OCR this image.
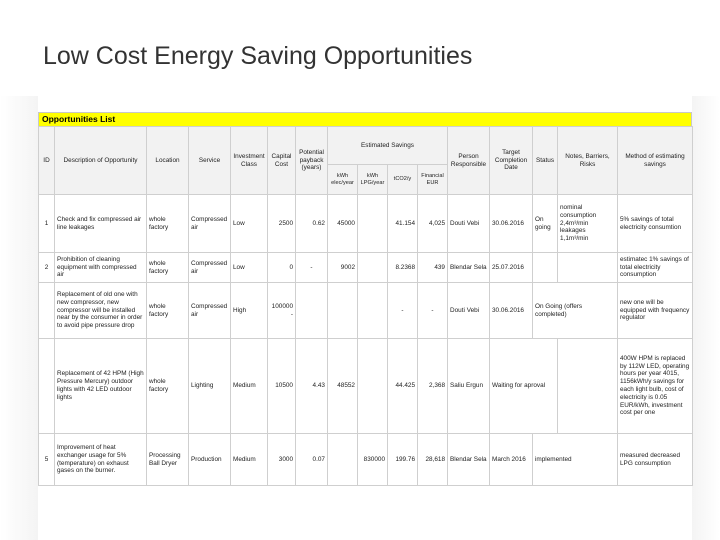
Low Cost Energy Saving Opportunities
Opportunities List
ID	Description of Opportunity	Location	Service	Investment Class	Capital Cost	Potential payback (years)	Estimated Savings				Person Responsible	Target Completion Date	Status	Notes, Barriers, Risks	Method of estimating savings
							kWh elec/year	kWh LPG/year	tCO2/y	Financial EUR					
1	Check and fix compressed air line leakages	whole factory	Compressed air	Low	2500	0.62	45000		41.154	4,025	Douti Vebi	30.06.2016	On going	nominal consumption
2,4m³/min
leakages
1,1m³/min	5% savings of total electricity consumtion
2	Prohibition of cleaning equipment with compressed air	whole factory	Compressed air	Low	0	-	9002		8.2368	439	Blendar Sela	25.07.2016			estimatec 1% savings of total electricity consumption
	Replacement of old one with new compressor, new compressor will be installed near by the consumer in order to avoid pipe pressure drop	whole factory	Compressed air	High	100000 -				-	-	Douti Vebi	30.06.2016	On Going (offers completed)		new one will be equipped with frequency regulator
	Replacement of 42 HPM (High Pressure Mercury) outdoor lights with 42 LED outdoor lights	whole factory	Lighting	Medium	10500	4.43	48552		44.425	2,368	Saliu Ergun	Waiting for aproval			400W HPM is replaced by 112W LED, operating hours per year 4015, 1156kWh/y savings for each light bulb, cost of electricity is 0.05 EUR/kWh, investment cost per one
5	Improvement of heat exchanger usage for 5% (temperature) on exhaust gases on the burner.	Processing Ball Dryer	Production	Medium	3000	0.07		830000	199.76	28,618	Blendar Sela	March 2016	implemented		measured decreased LPG consumption
